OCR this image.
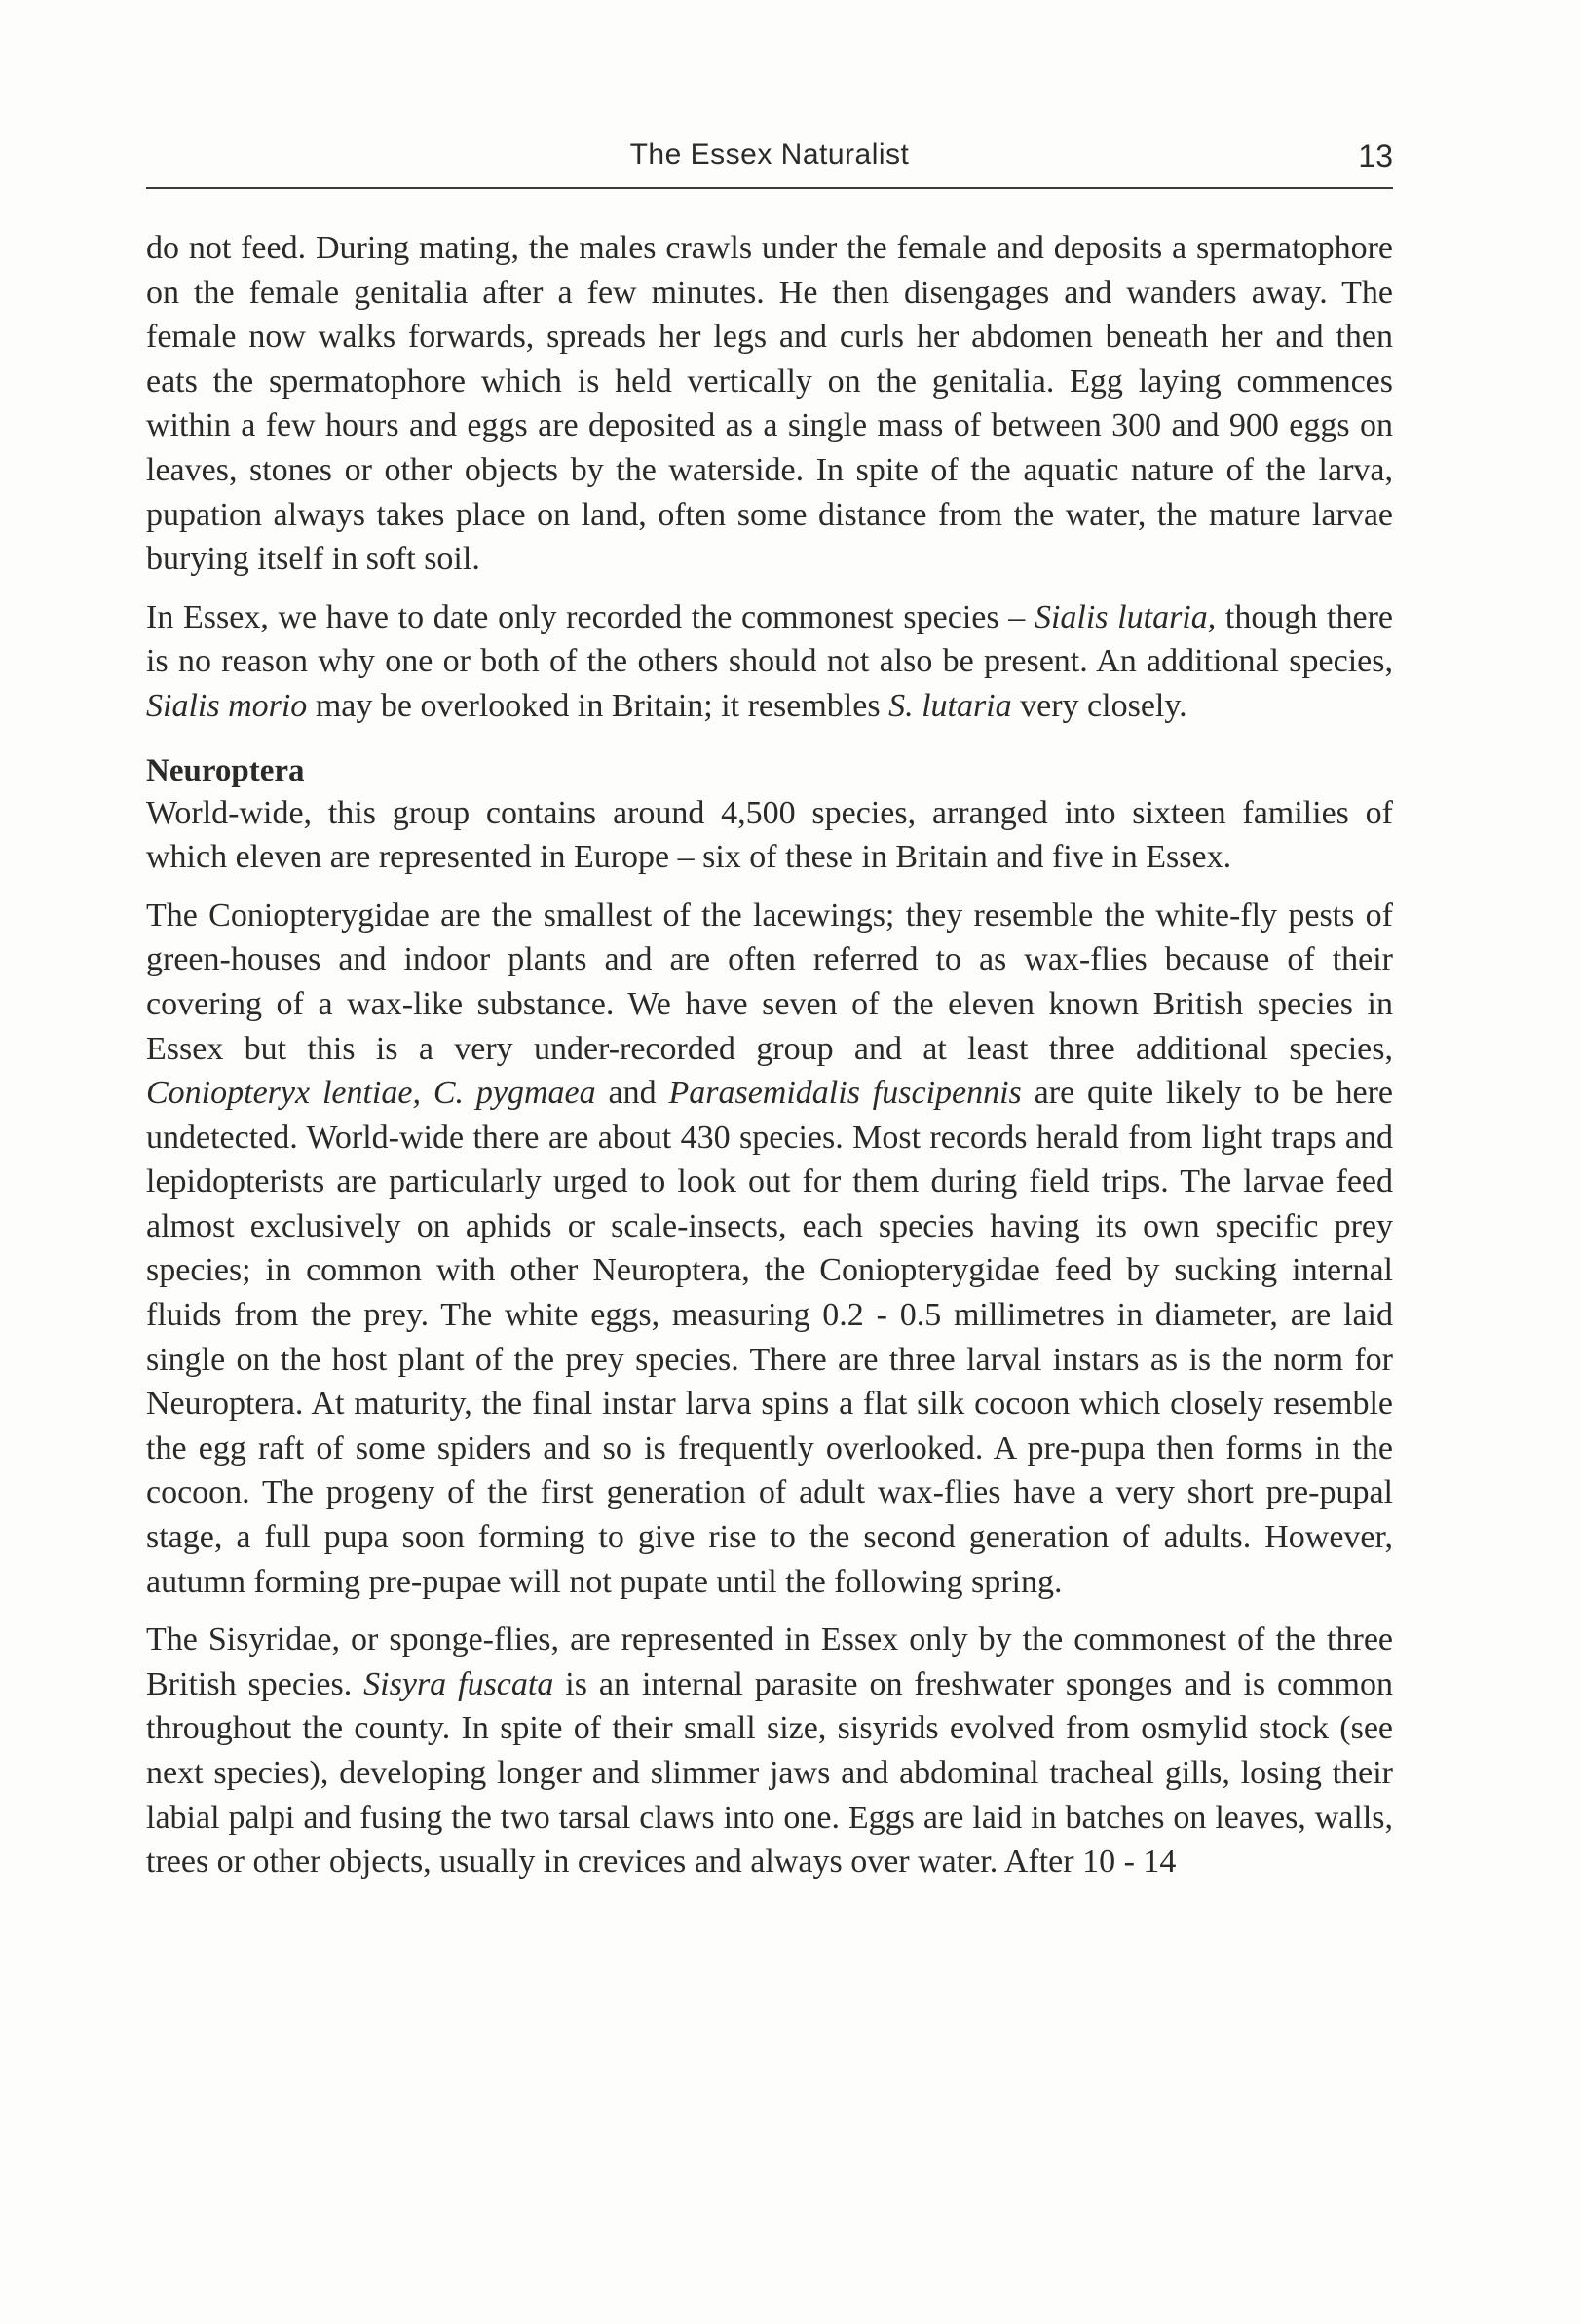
The Essex Naturalist	13

do not feed. During mating, the males crawls under the female and deposits a spermatophore on the female genitalia after a few minutes. He then disengages and wanders away. The female now walks forwards, spreads her legs and curls her abdomen beneath her and then eats the spermatophore which is held vertically on the genitalia. Egg laying commences within a few hours and eggs are deposited as a single mass of between 300 and 900 eggs on leaves, stones or other objects by the waterside. In spite of the aquatic nature of the larva, pupation always takes place on land, often some distance from the water, the mature larvae burying itself in soft soil.

In Essex, we have to date only recorded the commonest species – Sialis lutaria, though there is no reason why one or both of the others should not also be present. An additional species, Sialis morio may be overlooked in Britain; it resembles S. lutaria very closely.

Neuroptera

World-wide, this group contains around 4,500 species, arranged into sixteen families of which eleven are represented in Europe – six of these in Britain and five in Essex.

The Coniopterygidae are the smallest of the lacewings; they resemble the white-fly pests of green-houses and indoor plants and are often referred to as wax-flies because of their covering of a wax-like substance. We have seven of the eleven known British species in Essex but this is a very under-recorded group and at least three additional species, Coniopteryx lentiae, C. pygmaea and Parasemidalis fuscipennis are quite likely to be here undetected. World-wide there are about 430 species. Most records herald from light traps and lepidopterists are particularly urged to look out for them during field trips. The larvae feed almost exclusively on aphids or scale-insects, each species having its own specific prey species; in common with other Neuroptera, the Coniopterygidae feed by sucking internal fluids from the prey. The white eggs, measuring 0.2 - 0.5 millimetres in diameter, are laid single on the host plant of the prey species. There are three larval instars as is the norm for Neuroptera. At maturity, the final instar larva spins a flat silk cocoon which closely resemble the egg raft of some spiders and so is frequently overlooked. A pre-pupa then forms in the cocoon. The progeny of the first generation of adult wax-flies have a very short pre-pupal stage, a full pupa soon forming to give rise to the second generation of adults. However, autumn forming pre-pupae will not pupate until the following spring.

The Sisyridae, or sponge-flies, are represented in Essex only by the commonest of the three British species. Sisyra fuscata is an internal parasite on freshwater sponges and is common throughout the county. In spite of their small size, sisyrids evolved from osmylid stock (see next species), developing longer and slimmer jaws and abdominal tracheal gills, losing their labial palpi and fusing the two tarsal claws into one. Eggs are laid in batches on leaves, walls, trees or other objects, usually in crevices and always over water. After 10 - 14
